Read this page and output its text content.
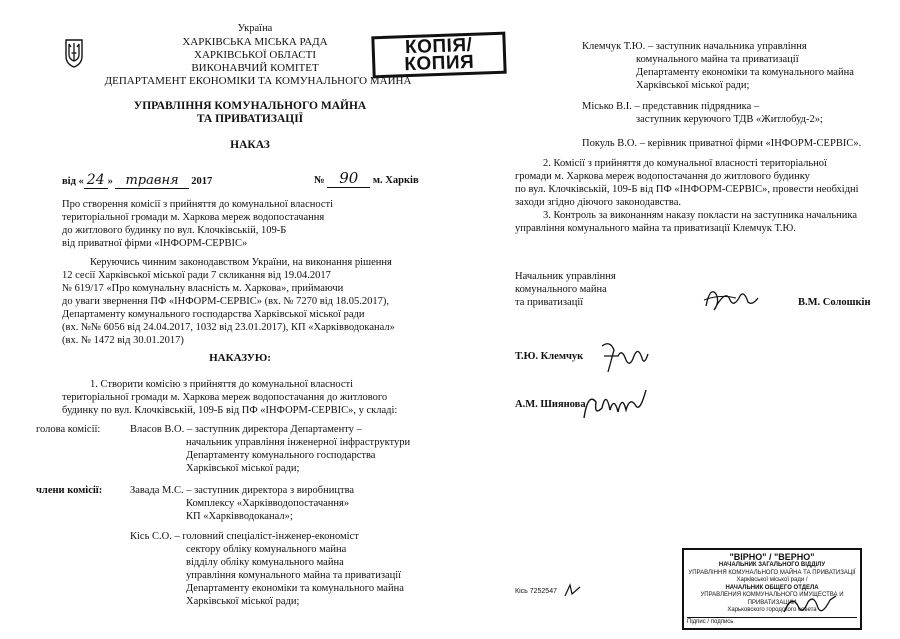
Україна
ХАРКІВСЬКА МІСЬКА РАДА
ХАРКІВСЬКОЇ ОБЛАСТІ
ВИКОНАВЧИЙ КОМІТЕТ
ДЕПАРТАМЕНТ ЕКОНОМІКИ ТА КОМУНАЛЬНОГО МАЙНА
КОПІЯ/
КОПИЯ
УПРАВЛІННЯ КОМУНАЛЬНОГО МАЙНА
ТА ПРИВАТИЗАЦІЇ
НАКАЗ
від « 24 » травня 2017	№ 90 м. Харків
Про створення комісії з прийняття до комунальної власності
територіальної громади м. Харкова мереж водопостачання
до житлового будинку по вул. Клочківській, 109-Б
від приватної фірми «ІНФОРМ-СЕРВІС»
Керуючись чинним законодавством України, на виконання рішення
12 сесії Харківської міської ради 7 скликання від 19.04.2017
№ 619/17 «Про комунальну власність м. Харкова», приймаючи
до уваги звернення ПФ «ІНФОРМ-СЕРВІС» (вх. № 7270 від 18.05.2017),
Департаменту комунального господарства Харківської міської ради
(вх. №№ 6056 від 24.04.2017, 1032 від 23.01.2017), КП «Харківводоканал»
(вх. № 1472 від 30.01.2017)
НАКАЗУЮ:
1. Створити комісію з прийняття до комунальної власності
територіальної громади м. Харкова мереж водопостачання до житлового
будинку по вул. Клочківській, 109-Б від ПФ «ІНФОРМ-СЕРВІС», у складі:
голова комісії:	Власов В.О. – заступник директора Департаменту –
начальник управління інженерної інфраструктури
Департаменту комунального господарства
Харківської міської ради;
члени комісії:	Завада М.С. – заступник директора з виробництва
Комплексу «Харківводопостачання»
КП «Харківводоканал»;
Кісь С.О. – головний спеціаліст-інженер-економіст
сектору обліку комунального майна
відділу обліку комунального майна
управління комунального майна та приватизації
Департаменту економіки та комунального майна
Харківської міської ради;
Клемчук Т.Ю. – заступник начальника управління
комунального майна та приватизації
Департаменту економіки та комунального майна
Харківської міської ради;
Місько В.І. – представник підрядника –
заступник керуючого ТДВ «Житлобуд-2»;
Покуль В.О. – керівник приватної фірми «ІНФОРМ-СЕРВІС».
2. Комісії з прийняття до комунальної власності територіальної
громади м. Харкова мереж водопостачання до житлового будинку
по вул. Клочківській, 109-Б від ПФ «ІНФОРМ-СЕРВІС», провести необхідні
заходи згідно діючого законодавства.
3. Контроль за виконанням наказу покласти на заступника начальника
управління комунального майна та приватизації Клемчук Т.Ю.
Начальник управління
комунального майна
та приватизації	В.М. Солошкін
Т.Ю. Клемчук
А.М. Шиянова
Кісь 7252547
"ВІРНО" / "ВЕРНО"
НАЧАЛЬНИК ЗАГАЛЬНОГО ВІДДІЛУ
УПРАВЛІННЯ КОМУНАЛЬНОГО МАЙНА ТА ПРИВАТИЗАЦІЇ
Харківської міської ради /
НАЧАЛЬНИК ОБЩЕГО ОТДЕЛА
УПРАВЛЕНИЯ КОММУНАЛЬНОГО ИМУЩЕСТВА И ПРИВАТИЗАЦИИ
Харьковского городского совета
Підпис / подпись
